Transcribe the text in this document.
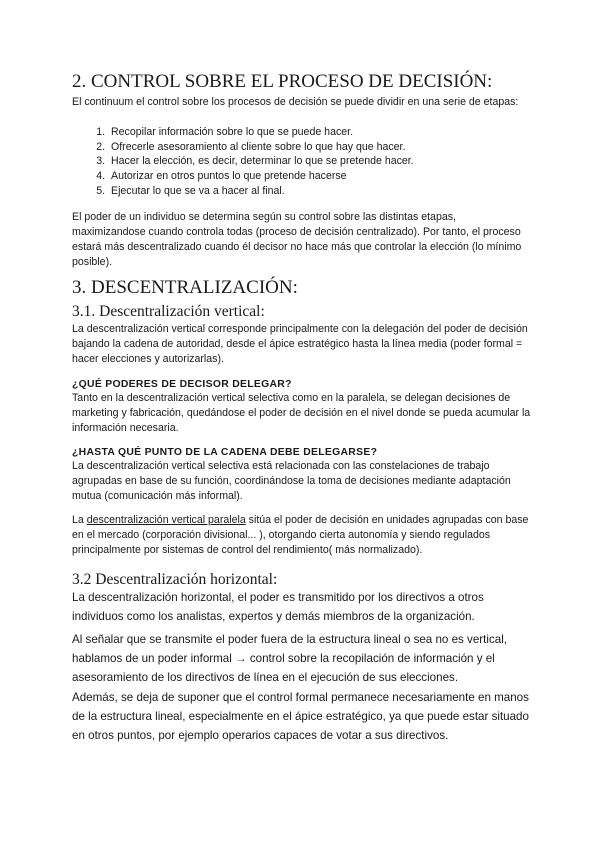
2. CONTROL SOBRE EL PROCESO DE DECISIÓN:

El continuum el control sobre los procesos de decisión se puede dividir en una serie de etapas:

1. Recopilar información sobre lo que se puede hacer.
2. Ofrecerle asesoramiento al cliente sobre lo que hay que hacer.
3. Hacer la elección, es decir, determinar lo que se pretende hacer.
4. Autorizar en otros puntos lo que pretende hacerse
5. Ejecutar lo que se va a hacer al final.

El poder de un individuo se determina según su control sobre las distintas etapas, maximizandose cuando controla todas (proceso de decisión centralizado). Por tanto, el proceso estará más descentralizado cuando él decisor no hace más que controlar la elección (lo mínimo posible).

3. DESCENTRALIZACIÓN:
3.1. Descentralización vertical:

La descentralización vertical corresponde principalmente con la delegación del poder de decisión bajando la cadena de autoridad, desde el ápice estratégico hasta la línea media (poder formal = hacer elecciones y autorizarlas).

¿QUÉ PODERES DE DECISOR DELEGAR?

Tanto en la descentralización vertical selectiva como en la paralela, se delegan decisiones de marketing y fabricación, quedándose el poder de decisión en el nivel donde se pueda acumular la información necesaria.

¿HASTA QUÉ PUNTO DE LA CADENA DEBE DELEGARSE?

La descentralización vertical selectiva está relacionada con las constelaciones de trabajo agrupadas en base de su función, coordinándose la toma de decisiones mediante adaptación mutua (comunicación más informal).

La descentralización vertical paralela sitúa el poder de decisión en unidades agrupadas con base en el mercado (corporación divisional... ), otorgando cierta autonomía y siendo regulados principalmente por sistemas de control del rendimiento( más normalizado).

3.2 Descentralización horizontal:

La descentralización horizontal, el poder es transmitido por los directivos a otros individuos como los analistas, expertos y demás miembros de la organización.

Al señalar que se transmite el poder fuera de la estructura lineal o sea no es vertical, hablamos de un poder informal → control sobre la recopilación de información y el asesoramiento de los directivos de línea en el ejecución de sus elecciones.

Además, se deja de suponer que el control formal permanece necesariamente en manos de la estructura lineal, especialmente en el ápice estratégico, ya que puede estar situado en otros puntos, por ejemplo operarios capaces de votar a sus directivos.
